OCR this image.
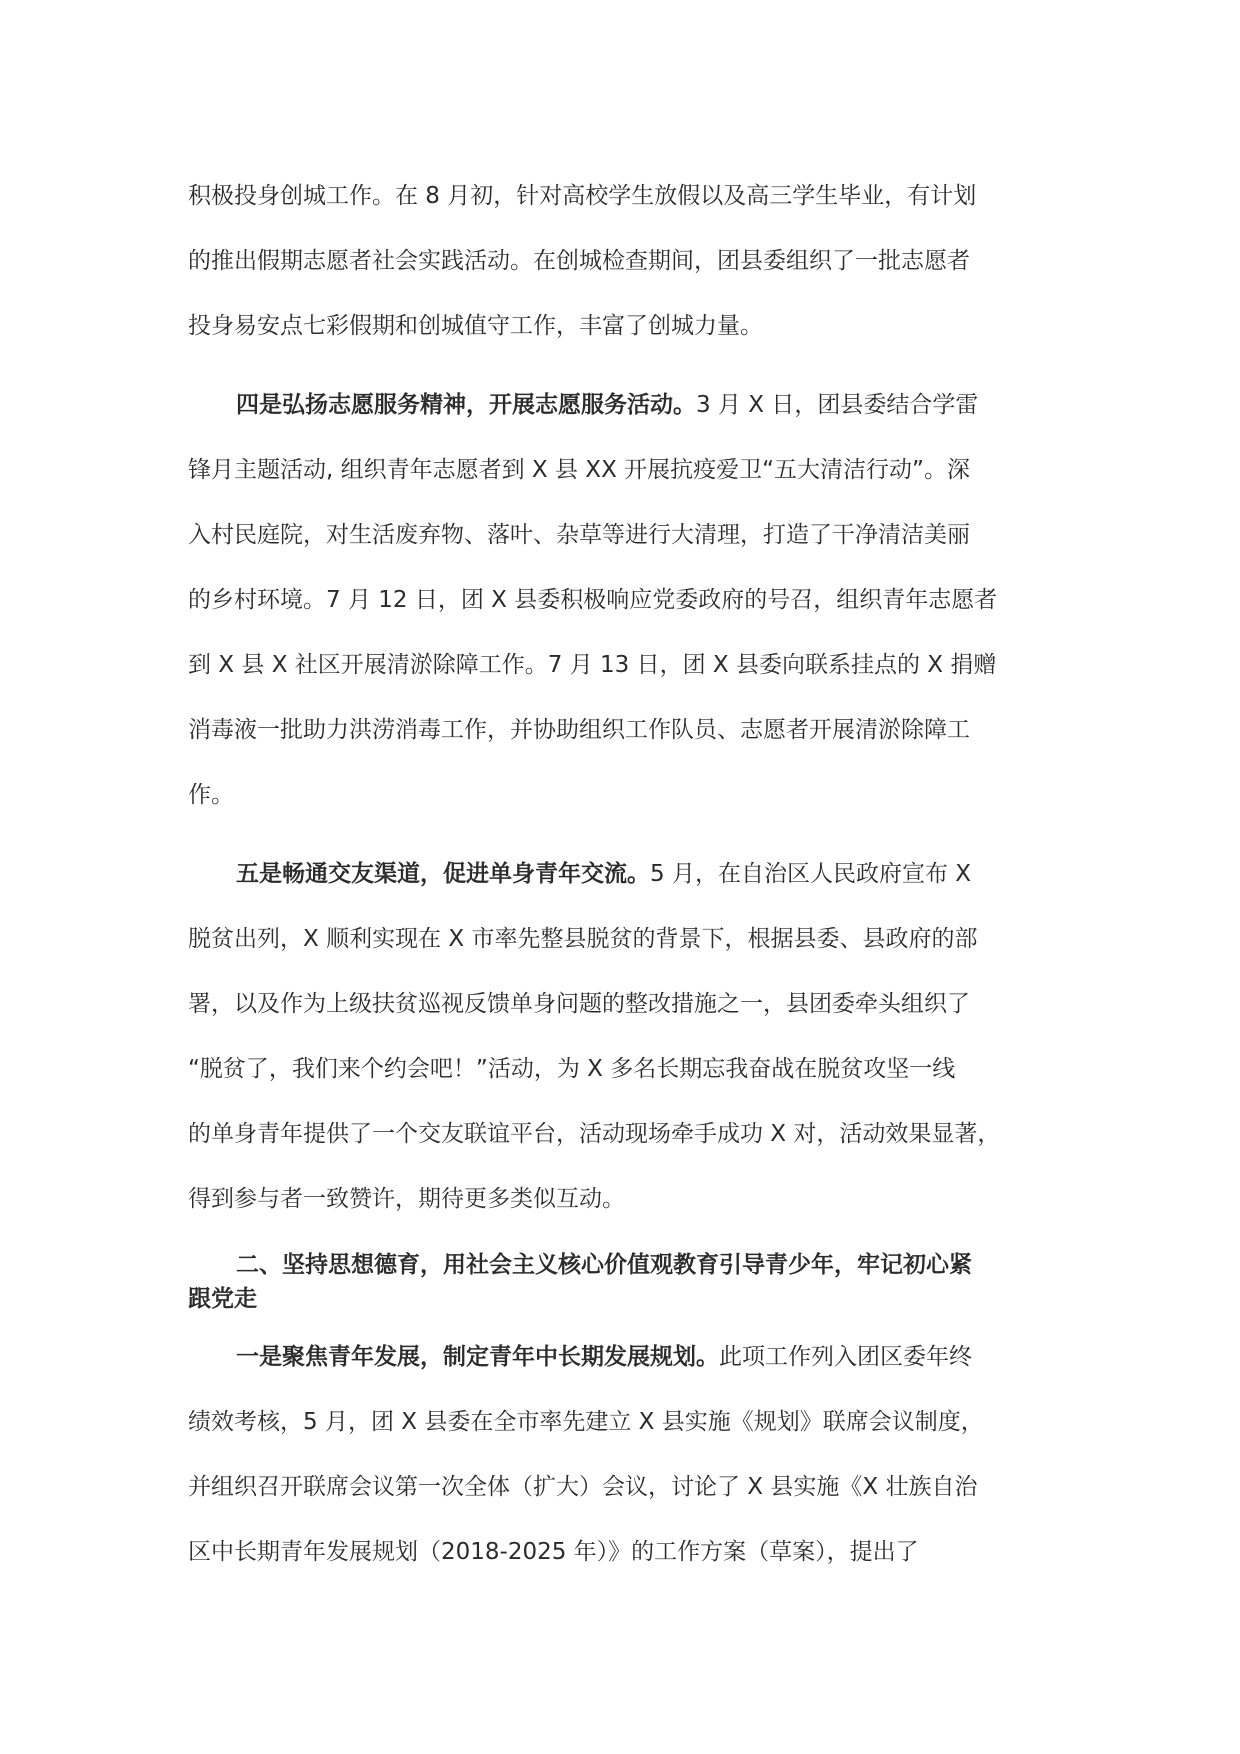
积极投身创城工作。在 8 月初，针对高校学生放假以及高三学生毕业，有计划
的推出假期志愿者社会实践活动。在创城检查期间，团县委组织了一批志愿者
投身易安点七彩假期和创城值守工作，丰富了创城力量。
四是弘扬志愿服务精神，开展志愿服务活动。3 月 X 日，团县委结合学雷
锋月主题活动, 组织青年志愿者到 X 县 XX 开展抗疫爱卫“五大清洁行动”。深
入村民庭院，对生活废弃物、落叶、杂草等进行大清理，打造了干净清洁美丽
的乡村环境。7 月 12 日，团 X 县委积极响应党委政府的号召，组织青年志愿者
到 X 县 X 社区开展清淤除障工作。7 月 13 日，团 X 县委向联系挂点的 X 捐赠
消毒液一批助力洪涝消毒工作，并协助组织工作队员、志愿者开展清淤除障工
作。
五是畅通交友渠道，促进单身青年交流。5 月，在自治区人民政府宣布 X
脱贫出列，X 顺利实现在 X 市率先整县脱贫的背景下，根据县委、县政府的部
署，以及作为上级扶贫巡视反馈单身问题的整改措施之一，县团委牵头组织了
“脱贫了，我们来个约会吧！”活动，为 X 多名长期忘我奋战在脱贫攻坚一线
的单身青年提供了一个交友联谊平台，活动现场牵手成功 X 对，活动效果显著，
得到参与者一致赞许，期待更多类似互动。
二、坚持思想德育，用社会主义核心价值观教育引导青少年，牢记初心紧
跟党走
一是聚焦青年发展，制定青年中长期发展规划。此项工作列入团区委年终
绩效考核，5 月，团 X 县委在全市率先建立 X 县实施《规划》联席会议制度，
并组织召开联席会议第一次全体（扩大）会议，讨论了 X 县实施《X 壮族自治
区中长期青年发展规划（2018-2025 年）》的工作方案（草案），提出了
